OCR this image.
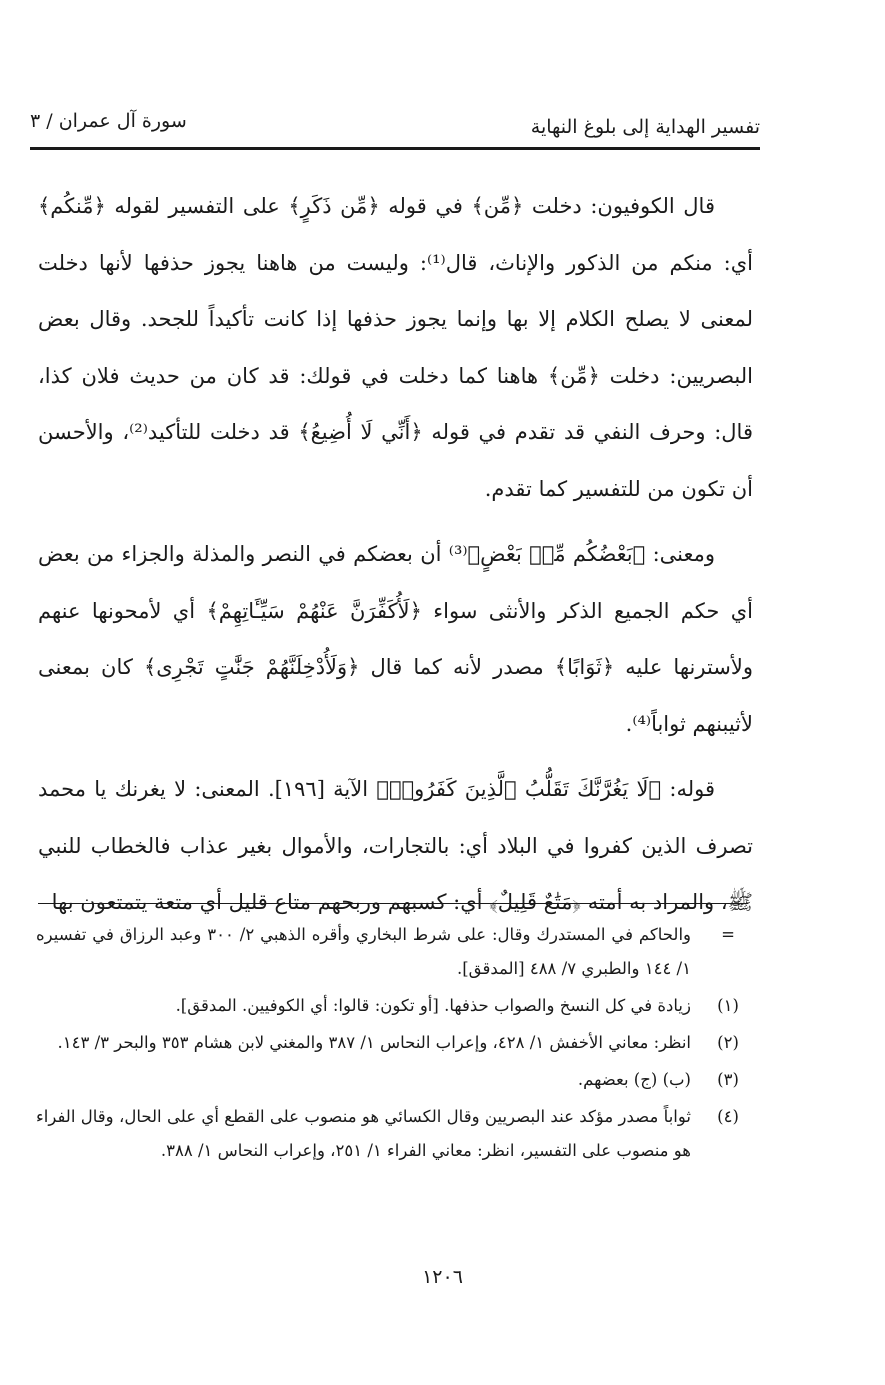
تفسير الهداية إلى بلوغ النهاية
سورة آل عمران / ٣

قال الكوفيون: دخلت ﴿مِّن﴾ في قوله ﴿مِّن ذَكَرٍ﴾ على التفسير لقوله ﴿مِّنكُم﴾ أي: منكم من الذكور والإناث، قال⁽¹⁾: وليست من هاهنا يجوز حذفها لأنها دخلت لمعنى لا يصلح الكلام إلا بها وإنما يجوز حذفها إذا كانت تأكيداً للجحد. وقال بعض البصريين: دخلت ﴿مِّن﴾ هاهنا كما دخلت في قولك: قد كان من حديث فلان كذا، قال: وحرف النفي قد تقدم في قوله ﴿أَنِّي لَا أُضِيعُ﴾ قد دخلت للتأكيد⁽²⁾، والأحسن أن تكون من للتفسير كما تقدم.

ومعنى: ﴿بَعْضُكُم مِّنۢ بَعْضٍ﴾⁽³⁾ أن بعضكم في النصر والمذلة والجزاء من بعض أي حكم الجميع الذكر والأنثى سواء ﴿لَأُكَفِّرَنَّ عَنْهُمْ سَيِّـَٔاتِهِمْ﴾ أي لأمحونها عنهم ولأسترنها عليه ﴿ثَوَابًا﴾ مصدر لأنه كما قال ﴿وَلَأُدْخِلَنَّهُمْ جَنَّٰتٍ تَجْرِى﴾ كان بمعنى لأثيبنهم ثواباً⁽⁴⁾.

قوله: ﴿لَا يَغُرَّنَّكَ تَقَلُّبُ ٱلَّذِينَ كَفَرُوا۟﴾ الآية [١٩٦]. المعنى: لا يغرنك يا محمد تصرف الذين كفروا في البلاد أي: بالتجارات، والأموال بغير عذاب فالخطاب للنبي ﷺ، والمراد به أمته ﴿مَتَٰعٌ قَلِيلٌ﴾ أي: كسبهم وربحهم متاع قليل أي متعة يتمتعون بها

=
والحاكم في المستدرك وقال: على شرط البخاري وأقره الذهبي ٢/ ٣٠٠ وعبد الرزاق في تفسيره ١/ ١٤٤ والطبري ٧/ ٤٨٨ [المدقق].
(١)
زيادة في كل النسخ والصواب حذفها. [أو تكون: قالوا: أي الكوفيين. المدقق].
(٢)
انظر: معاني الأخفش ١/ ٤٢٨، وإعراب النحاس ١/ ٣٨٧ والمغني لابن هشام ٣٥٣ والبحر ٣/ ١٤٣.
(٣)
(ب) (ج) بعضهم.
(٤)
ثواباً مصدر مؤكد عند البصريين وقال الكسائي هو منصوب على القطع أي على الحال، وقال الفراء هو منصوب على التفسير، انظر: معاني الفراء ١/ ٢٥١، وإعراب النحاس ١/ ٣٨٨.
١٢٠٦
